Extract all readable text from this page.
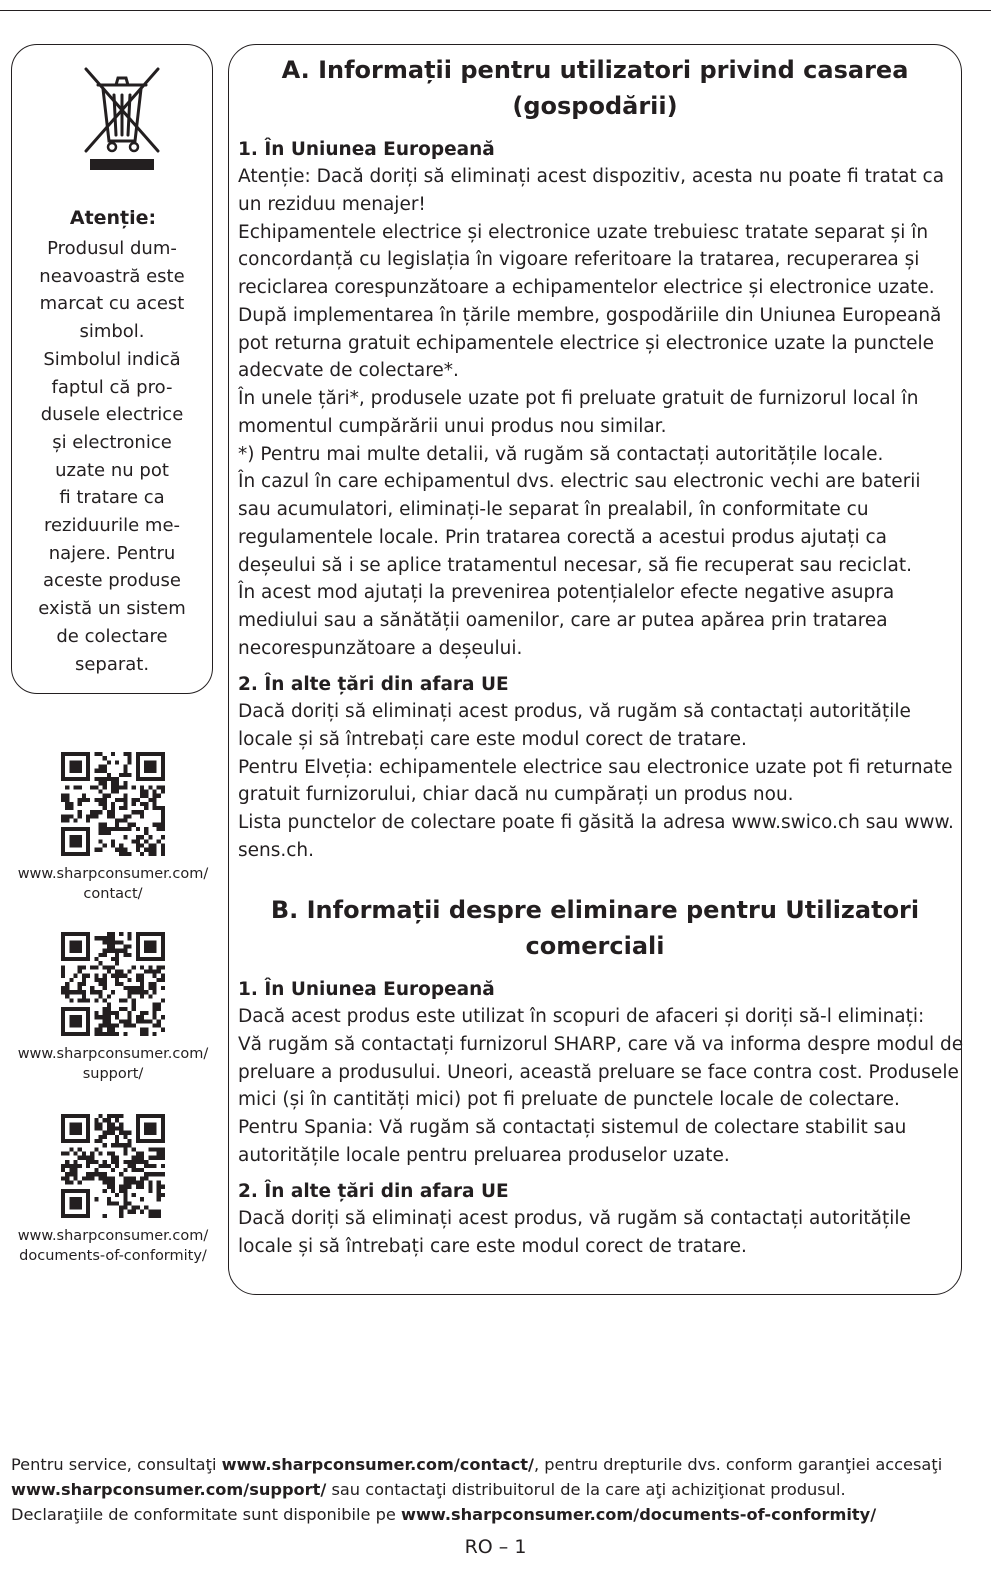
Atenție:
Produsul dum-
neavoastră este
marcat cu acest
simbol.
Simbolul indică
faptul că pro-
dusele electrice
și electronice
uzate nu pot
fi tratare ca
reziduurile me-
najere. Pentru
aceste produse
există un sistem
de colectare
separat.
www.sharpconsumer.com/
contact/
www.sharpconsumer.com/
support/
www.sharpconsumer.com/
documents-of-conformity/
A. Informații pentru utilizatori privind casarea
(gospodării)
1. În Uniunea Europeană
Atenție: Dacă doriți să eliminați acest dispozitiv, acesta nu poate fi tratat ca
un reziduu menajer!
Echipamentele electrice și electronice uzate trebuiesc tratate separat și în
concordanță cu legislația în vigoare referitoare la tratarea, recuperarea și
reciclarea corespunzătoare a echipamentelor electrice și electronice uzate.
După implementarea în țările membre, gospodăriile din Uniunea Europeană
pot returna gratuit echipamentele electrice și electronice uzate la punctele
adecvate de colectare*.
În unele țări*, produsele uzate pot fi preluate gratuit de furnizorul local în
momentul cumpărării unui produs nou similar.
*) Pentru mai multe detalii, vă rugăm să contactați autoritățile locale.
În cazul în care echipamentul dvs. electric sau electronic vechi are baterii
sau acumulatori, eliminați-le separat în prealabil, în conformitate cu
regulamentele locale. Prin tratarea corectă a acestui produs ajutați ca
deșeului să i se aplice tratamentul necesar, să fie recuperat sau reciclat.
În acest mod ajutați la prevenirea potențialelor efecte negative asupra
mediului sau a sănătății oamenilor, care ar putea apărea prin tratarea
necorespunzătoare a deșeului.
2. În alte țări din afara UE
Dacă doriți să eliminați acest produs, vă rugăm să contactați autoritățile
locale și să întrebați care este modul corect de tratare.
Pentru Elveția: echipamentele electrice sau electronice uzate pot fi returnate
gratuit furnizorului, chiar dacă nu cumpărați un produs nou.
Lista punctelor de colectare poate fi găsită la adresa www.swico.ch sau www.
sens.ch.
B. Informații despre eliminare pentru Utilizatori
comerciali
1. În Uniunea Europeană
Dacă acest produs este utilizat în scopuri de afaceri și doriți să-l eliminați:
Vă rugăm să contactați furnizorul SHARP, care vă va informa despre modul de
preluare a produsului. Uneori, această preluare se face contra cost. Produsele
mici (și în cantități mici) pot fi preluate de punctele locale de colectare.
Pentru Spania: Vă rugăm să contactați sistemul de colectare stabilit sau
autoritățile locale pentru preluarea produselor uzate.
2. În alte țări din afara UE
Dacă doriți să eliminați acest produs, vă rugăm să contactați autoritățile
locale și să întrebați care este modul corect de tratare.
Pentru service, consultaţi www.sharpconsumer.com/contact/, pentru drepturile dvs. conform garanţiei accesaţi
www.sharpconsumer.com/support/ sau contactaţi distribuitorul de la care aţi achiziţionat produsul.
Declaraţiile de conformitate sunt disponibile pe www.sharpconsumer.com/documents-of-conformity/
RO – 1
